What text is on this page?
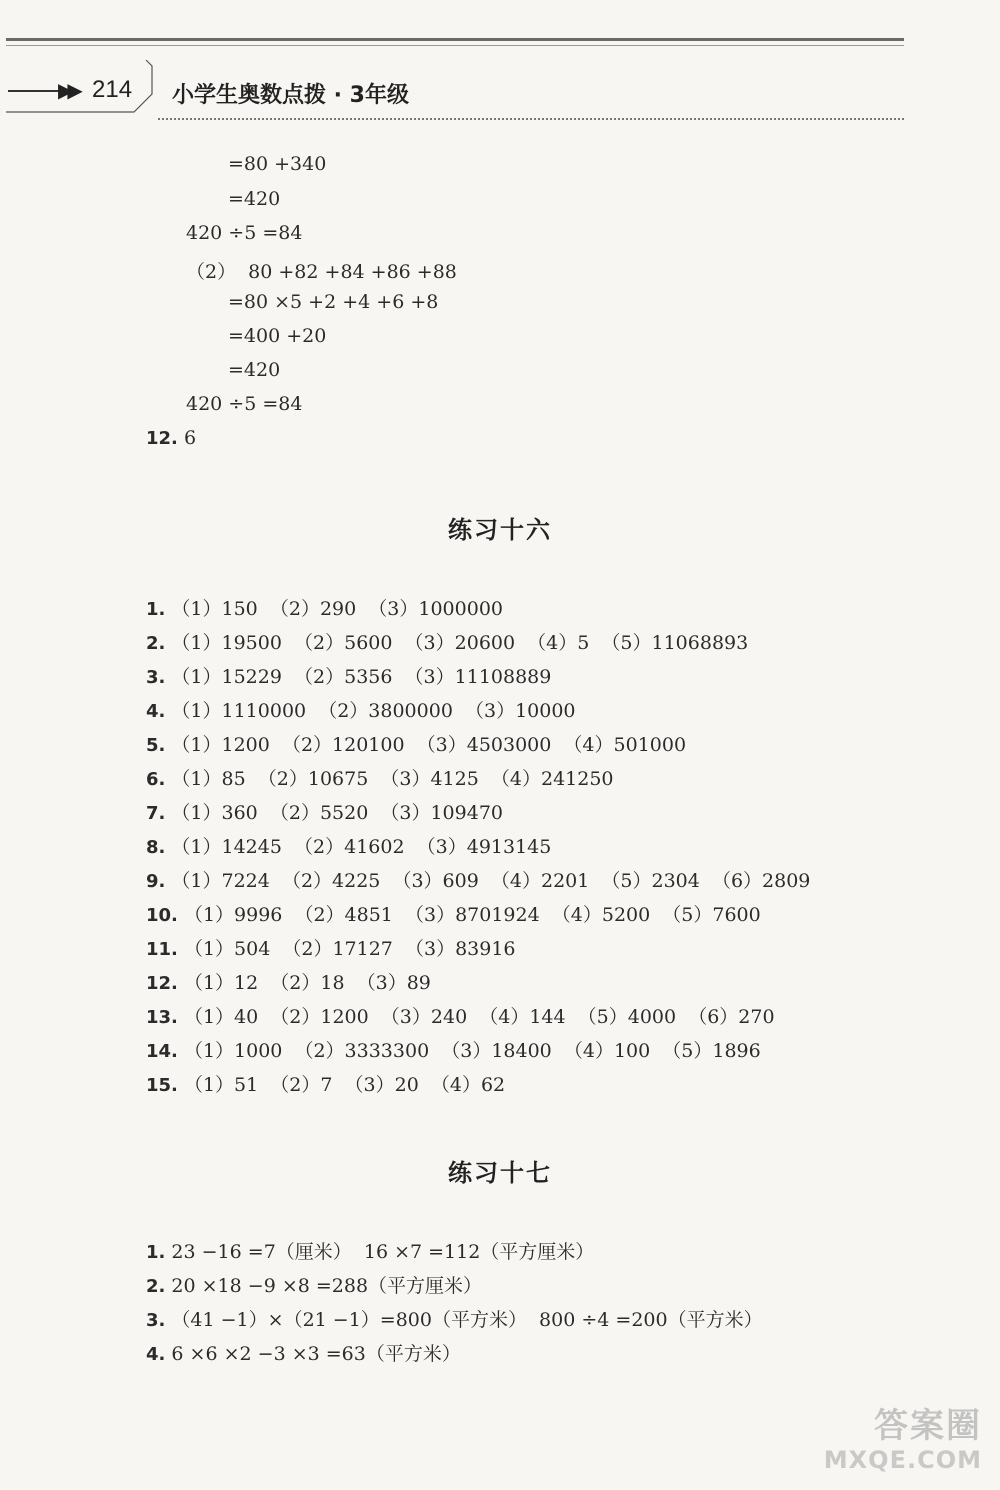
▶▶ 214 小学生奥数点拨 · 3年级
=80 +340
=420
420 ÷5 =84
（2）  80 +82 +84 +86 +88
=80 ×5 +2 +4 +6 +8
=400 +20
=420
420 ÷5 =84
12. 6
练习十六
1. （1）150  （2）290  （3）1000000
2. （1）19500  （2）5600  （3）20600  （4）5  （5）11068893
3. （1）15229  （2）5356  （3）11108889
4. （1）1110000  （2）3800000  （3）10000
5. （1）1200  （2）120100  （3）4503000  （4）501000
6. （1）85  （2）10675  （3）4125  （4）241250
7. （1）360  （2）5520  （3）109470
8. （1）14245  （2）41602  （3）4913145
9. （1）7224  （2）4225  （3）609  （4）2201  （5）2304  （6）2809
10. （1）9996  （2）4851  （3）8701924  （4）5200  （5）7600
11. （1）504  （2）17127  （3）83916
12. （1）12  （2）18  （3）89
13. （1）40  （2）1200  （3）240  （4）144  （5）4000  （6）270
14. （1）1000  （2）3333300  （3）18400  （4）100  （5）1896
15. （1）51  （2）7  （3）20  （4）62
练习十七
1. 23 −16 =7（厘米）  16 ×7 =112（平方厘米）
2. 20 ×18 −9 ×8 =288（平方厘米）
3. （41 −1）×（21 −1）=800（平方米）  800 ÷4 =200（平方米）
4. 6 ×6 ×2 −3 ×3 =63（平方米）
答案圈
MXQE.COM
